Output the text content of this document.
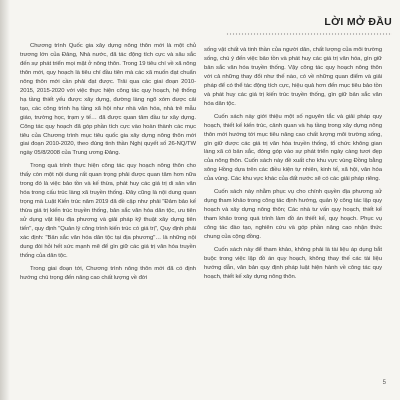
LỜI MỞ ĐẦU

Chương trình Quốc gia xây dựng nông thôn mới là một chủ trương lớn của Đảng, Nhà nước, đã tác động tích cực và sâu sắc đến sự phát triển mọi mặt ở nông thôn. Trong 19 tiêu chí về xã nông thôn mới, quy hoạch là tiêu chí đầu tiên mà các xã muốn đạt chuẩn nông thôn mới cần phải đạt được. Trải qua các giai đoạn 2010-2015, 2015-2020 với việc thực hiện công tác quy hoạch, hệ thống hạ tầng thiết yếu được xây dựng, đường làng ngõ xóm được cải tạo, các công trình hạ tầng xã hội như nhà văn hóa, nhà trẻ mẫu giáo, trường học, trạm y tế… đã được quan tâm đầu tư xây dựng. Công tác quy hoạch đã góp phần tích cực vào hoàn thành các mục tiêu của Chương trình mục tiêu quốc gia xây dựng nông thôn mới giai đoạn 2010-2020, theo đúng tinh thần Nghị quyết số 26-NQ/TW ngày 05/8/2008 của Trung ương Đảng.

Trong quá trình thực hiện công tác quy hoạch nông thôn cho thấy còn một nội dung rất quan trọng phải được quan tâm hơn nữa trong đó là việc bảo tồn và kế thừa, phát huy các giá trị di sản văn hóa trong cấu trúc làng xã truyền thống. Đây cũng là nội dung quan trọng mà Luật Kiến trúc năm 2019 đã đề cập như phải "Đảm bảo kế thừa giá trị kiến trúc truyền thống, bản sắc văn hóa dân tộc, ưu tiên sử dụng vật liệu địa phương và giải pháp kỹ thuật xây dựng tiên tiến", quy định "Quản lý công trình kiến trúc có giá trị", Quy định phải xác định: "Bản sắc văn hóa dân tộc tại địa phương"… là những nội dung đòi hỏi hết sức mạnh mẽ để gìn giữ các giá trị văn hóa truyền thống của dân tộc.

Trong giai đoạn tới, Chương trình nông thôn mới đã có định hướng chú trọng đến nâng cao chất lượng về đời

sống vật chất và tinh thần của người dân, chất lượng của môi trường sống, chú ý đến việc bảo tồn và phát huy các giá trị văn hóa, gìn giữ bản sắc văn hóa truyền thống. Vậy công tác quy hoạch nông thôn với cả những thay đổi như thế nào, có về những quan điểm và giải pháp để có thể tác động tích cực, hiệu quả hơn đến mục tiêu bảo tồn và phát huy các giá trị kiến trúc truyền thống, gìn giữ bản sắc văn hóa dân tộc.

Cuốn sách này giới thiệu một số nguyên tắc và giải pháp quy hoạch, thiết kế kiến trúc, cảnh quan và hạ tầng trong xây dựng nông thôn mới hướng tới mục tiêu nâng cao chất lượng môi trường sống, gìn giữ được các giá trị văn hóa truyền thống, tổ chức không gian làng xã có bản sắc, đóng góp vào sự phát triển ngày càng tươi đẹp của nông thôn. Cuốn sách này đề xuất cho khu vực vùng Đồng bằng sông Hồng dựa trên các điều kiện tự nhiên, kinh tế, xã hội, văn hóa của vùng. Các khu vực khác của đất nước sẽ có các giải pháp riêng.

Cuốn sách này nhằm phục vụ cho chính quyền địa phương sử dụng tham khảo trong công tác định hướng, quản lý công tác lập quy hoạch và xây dựng nông thôn; Các nhà tư vấn quy hoạch, thiết kế tham khảo trong quá trình làm đồ án thiết kế, quy hoạch. Phục vụ công tác đào tạo, nghiên cứu và góp phần nâng cao nhận thức chung của cộng đồng.

Cuốn sách này để tham khảo, không phải là tài liệu áp dụng bắt buộc trong việc lập đồ án quy hoạch, không thay thế các tài liệu hướng dẫn, văn bản quy định pháp luật hiện hành về công tác quy hoạch, thiết kế xây dựng nông thôn.

5
